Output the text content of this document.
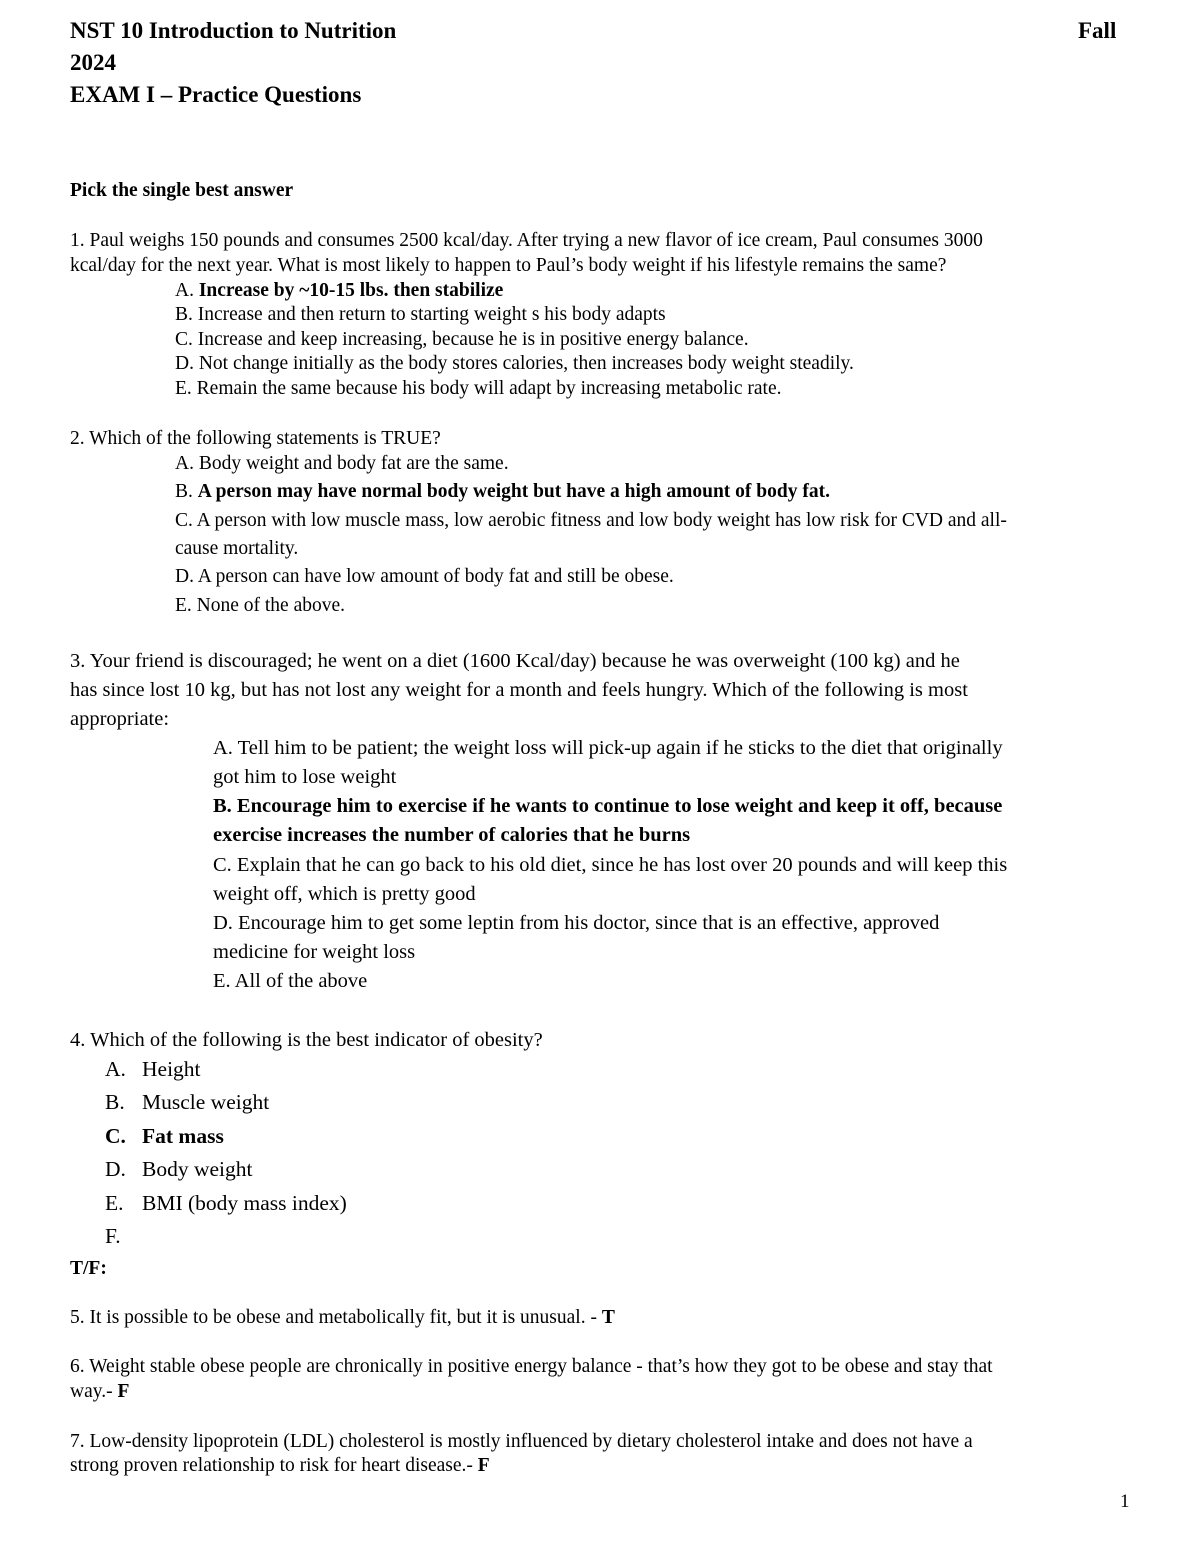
NST 10 Introduction to Nutrition	Fall
2024
EXAM I – Practice Questions
Pick the single best answer
1. Paul weighs 150 pounds and consumes 2500 kcal/day. After trying a new flavor of ice cream, Paul consumes 3000
kcal/day for the next year. What is most likely to happen to Paul’s body weight if his lifestyle remains the same?
A. Increase by ~10-15 lbs. then stabilize
B. Increase and then return to starting weight s his body adapts
C. Increase and keep increasing, because he is in positive energy balance.
D. Not change initially as the body stores calories, then increases body weight steadily.
E. Remain the same because his body will adapt by increasing metabolic rate.
2. Which of the following statements is TRUE?
A. Body weight and body fat are the same.
B. A person may have normal body weight but have a high amount of body fat.
C. A person with low muscle mass, low aerobic fitness and low body weight has low risk for CVD and all-
cause mortality.
D. A person can have low amount of body fat and still be obese.
E. None of the above.
3. Your friend is discouraged; he went on a diet (1600 Kcal/day) because he was overweight (100 kg) and he
has since lost 10 kg, but has not lost any weight for a month and feels hungry. Which of the following is most
appropriate:
A. Tell him to be patient; the weight loss will pick-up again if he sticks to the diet that originally
got him to lose weight
B. Encourage him to exercise if he wants to continue to lose weight and keep it off, because
exercise increases the number of calories that he burns
C. Explain that he can go back to his old diet, since he has lost over 20 pounds and will keep this
weight off, which is pretty good
D. Encourage him to get some leptin from his doctor, since that is an effective, approved
medicine for weight loss
E. All of the above
4. Which of the following is the best indicator of obesity?
A. Height
B. Muscle weight
C. Fat mass
D. Body weight
E. BMI (body mass index)
F.
T/F:
5. It is possible to be obese and metabolically fit, but it is unusual. - T
6. Weight stable obese people are chronically in positive energy balance - that’s how they got to be obese and stay that
way.- F
7. Low-density lipoprotein (LDL) cholesterol is mostly influenced by dietary cholesterol intake and does not have a
strong proven relationship to risk for heart disease.- F
1
